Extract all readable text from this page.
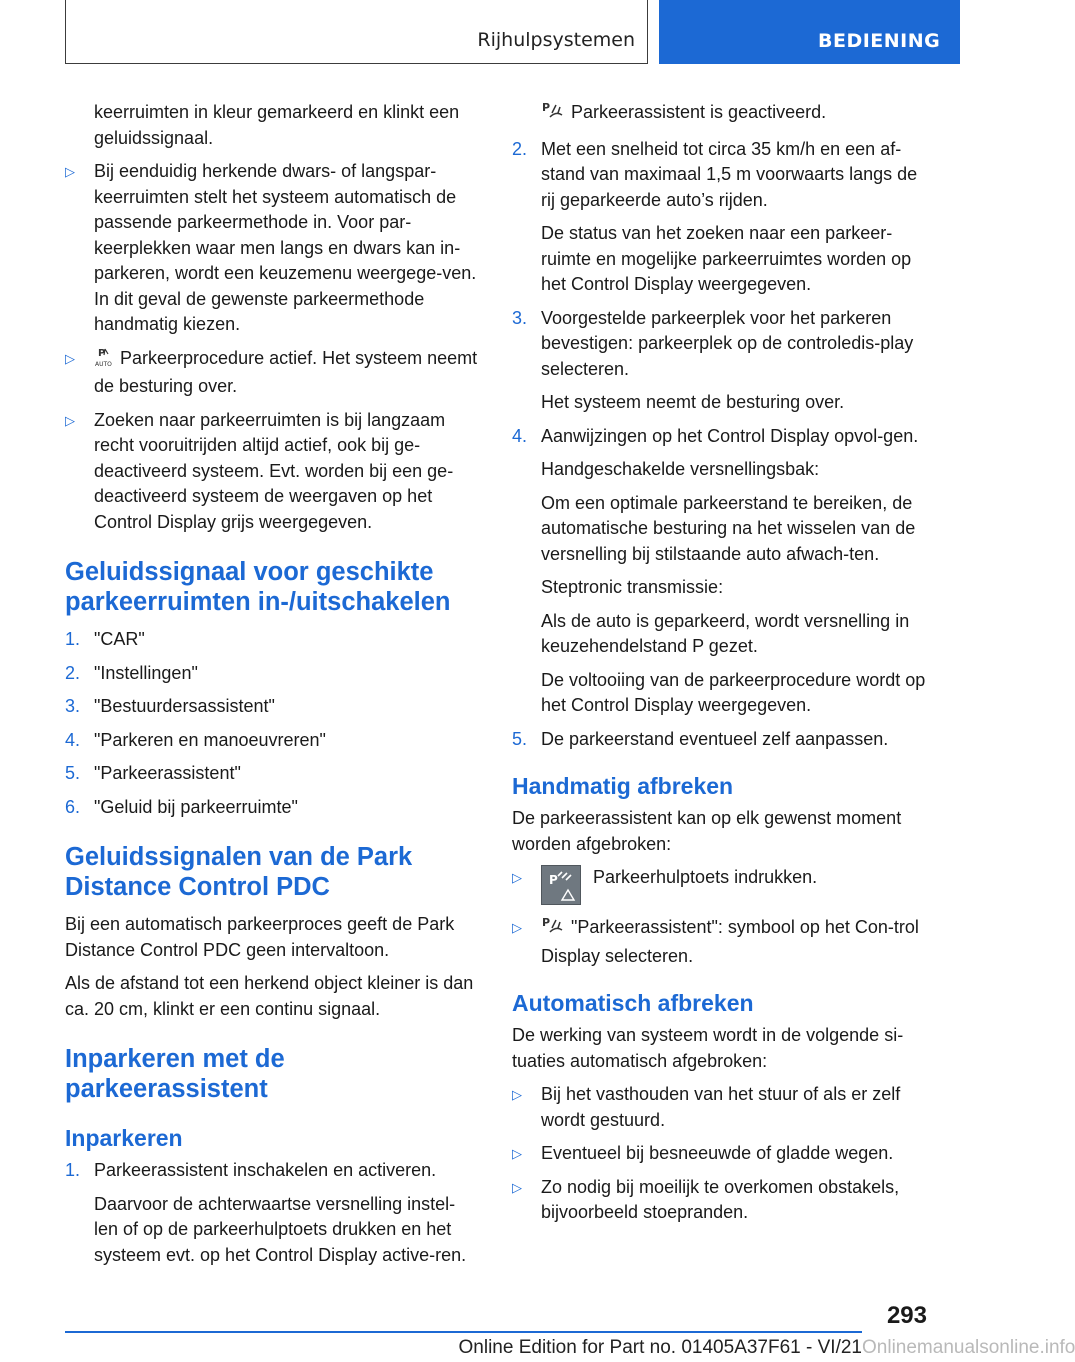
Rijhulpsystemen	BEDIENING

keerruimten in kleur gemarkeerd en klinkt een geluidssignaal.

▷	Bij eenduidig herkende dwars- of langspar-keerruimten stelt het systeem automatisch de passende parkeermethode in. Voor par-keerplekken waar men langs en dwars kan in-parkeren, wordt een keuzemenu weergege-ven. In dit geval de gewenste parkeermethode handmatig kiezen.
▷	P
AUTO Parkeerprocedure actief. Het systeem neemt de besturing over.
▷	Zoeken naar parkeerruimten is bij langzaam recht vooruitrijden altijd actief, ook bij ge-deactiveerd systeem. Evt. worden bij een ge-deactiveerd systeem de weergaven op het Control Display grijs weergegeven.
Geluidssignaal voor geschikte parkeerruimten in-/uitschakelen
1. "CAR"
2. "Instellingen"
3. "Bestuurdersassistent"
4. "Parkeren en manoeuvreren"
5. "Parkeerassistent"
6. "Geluid bij parkeerruimte"
Geluidssignalen van de Park Distance Control PDC

Bij een automatisch parkeerproces geeft de Park Distance Control PDC geen intervaltoon.

Als de afstand tot een herkend object kleiner is dan ca. 20 cm, klinkt er een continu signaal.

Inparkeren met de parkeerassistent
Inparkeren
1. Parkeerassistent inschakelen en activeren.

Daarvoor de achterwaartse versnelling instel-len of op de parkeerhulptoets drukken en het systeem evt. op het Control Display active-ren.

P Parkeerassistent is geactiveerd.

2. Met een snelheid tot circa 35 km/h en een af-stand van maximaal 1,5 m voorwaarts langs de rij geparkeerde auto’s rijden.

De status van het zoeken naar een parkeer-ruimte en mogelijke parkeerruimtes worden op het Control Display weergegeven.

3. Voorgestelde parkeerplek voor het parkeren bevestigen: parkeerplek op de controledis-play selecteren.

Het systeem neemt de besturing over.

4. Aanwijzingen op het Control Display opvol-gen.

Handgeschakelde versnellingsbak:

Om een optimale parkeerstand te bereiken, de automatische besturing na het wisselen van de versnelling bij stilstaande auto afwach-ten.

Steptronic transmissie:

Als de auto is geparkeerd, wordt versnelling in keuzehendelstand P gezet.

De voltooiing van de parkeerprocedure wordt op het Control Display weergegeven.

5. De parkeerstand eventueel zelf aanpassen.

Handmatig afbreken

De parkeerassistent kan op elk gewenst moment worden afgebroken:

▷	P Parkeerhulptoets indrukken.
▷	P "Parkeerassistent": symbool op het Con-trol Display selecteren.
Automatisch afbreken

De werking van systeem wordt in de volgende si-tuaties automatisch afgebroken:

▷	Bij het vasthouden van het stuur of als er zelf wordt gestuurd.
▷	Eventueel bij besneeuwde of gladde wegen.
▷	Zo nodig bij moeilijk te overkomen obstakels, bijvoorbeeld stoepranden.
293
Online Edition for Part no. 01405A37F61 - VI/21 Onlinemanualsonline.info
